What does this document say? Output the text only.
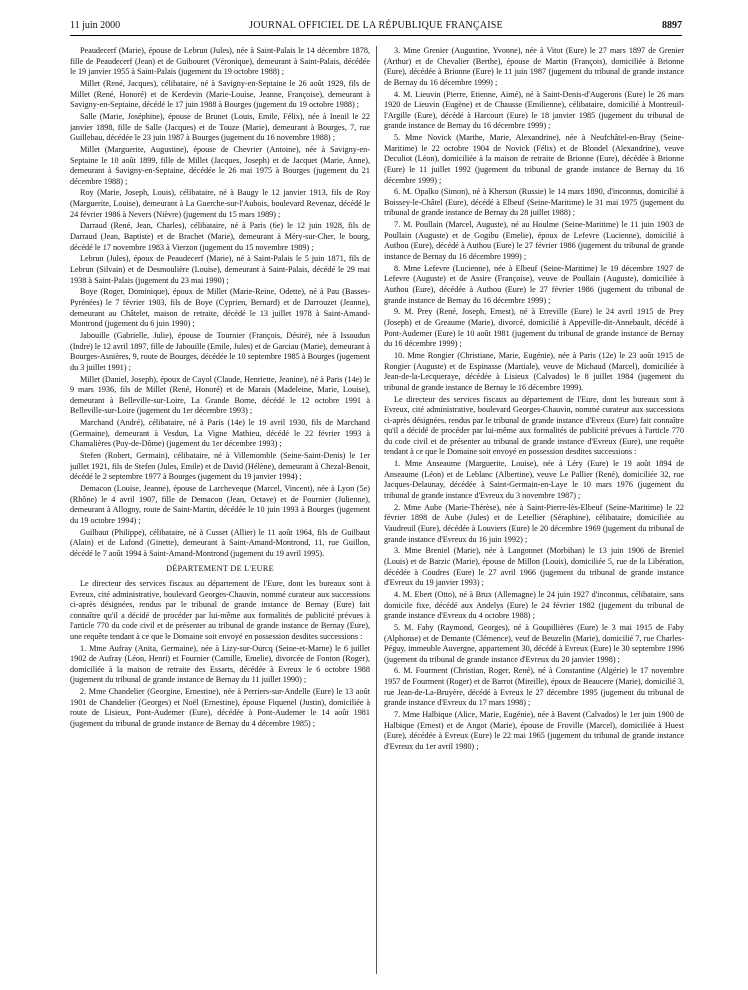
11 juin 2000	JOURNAL OFFICIEL DE LA RÉPUBLIQUE FRANÇAISE	8897

Peaudecerf (Marie), épouse de Lebrun (Jules), née à Saint-Palais le 14 décembre 1878, fille de Peaudecerf (Jean) et de Guibouret (Véronique), demeurant à Saint-Palais, décédée le 19 janvier 1955 à Saint-Palais (jugement du 19 octobre 1988) ;

Millet (René, Jacques), célibataire, né à Savigny-en-Septaine le 26 août 1929, fils de Millet (René, Honoré) et de Kerdevin (Marie-Louise, Jeanne, Françoise), demeurant à Savigny-en-Septaine, décédé le 17 juin 1988 à Bourges (jugement du 19 octobre 1988) ;

Salle (Marie, Joséphine), épouse de Brunet (Louis, Emile, Félix), née à Ineuil le 22 janvier 1898, fille de Salle (Jacques) et de Touze (Marie), demeurant à Bourges, 7, rue Guillebau, décédée le 23 juin 1987 à Bourges (jugement du 16 novembre 1988) ;

Millet (Marguerite, Augustine), épouse de Chevrier (Antoine), née à Savigny-en-Septaine le 10 août 1899, fille de Millet (Jacques, Joseph) et de Jacquet (Marie, Anne), demeurant à Savigny-en-Septaine, décédée le 26 mai 1975 à Bourges (jugement du 21 décembre 1988) ;

Roy (Marie, Joseph, Louis), célibataire, né à Baugy le 12 janvier 1913, fils de Roy (Marguerite, Louise), demeurant à La Guerche-sur-l'Aubois, boulevard Revenaz, décédé le 24 février 1986 à Nevers (Nièvre) (jugement du 15 mars 1989) ;

Darraud (René, Jean, Charles), célibataire, né à Paris (6e) le 12 juin 1928, fils de Darraud (Jean, Baptiste) et de Brachet (Marie), demeurant à Méry-sur-Cher, le bourg, décédé le 17 novembre 1983 à Vierzon (jugement du 15 novembre 1989) ;

Lebrun (Jules), époux de Peaudecerf (Marie), né à Saint-Palais le 5 juin 1871, fils de Lebrun (Silvain) et de Desmoulière (Louise), demeurant à Saint-Palais, décédé le 29 mai 1938 à Saint-Palais (jugement du 23 mai 1990) ;

Boye (Roger, Dominique), époux de Millet (Marie-Reine, Odette), né à Pau (Basses-Pyrénées) le 7 février 1903, fils de Boye (Cyprien, Bernard) et de Darrouzet (Jeanne), demeurant au Châtelet, maison de retraite, décédé le 13 juillet 1978 à Saint-Amand-Montrond (jugement du 6 juin 1990) ;

Jabouille (Gabrielle, Julie), épouse de Tournier (François, Désiré), née à Issoudun (Indre) le 12 avril 1897, fille de Jabouille (Emile, Jules) et de Garciau (Marie), demeurant à Bourges-Asnières, 9, route de Bourges, décédée le 10 septembre 1985 à Bourges (jugement du 3 juillet 1991) ;

Millet (Daniel, Joseph), époux de Cayol (Claude, Henriette, Jeanine), né à Paris (14e) le 9 mars 1936, fils de Millet (René, Honoré) et de Marais (Madeleine, Marie, Louise), demeurant à Belleville-sur-Loire, La Grande Borne, décédé le 12 octobre 1991 à Belleville-sur-Loire (jugement du 1er décembre 1993) ;

Marchand (André), célibataire, né à Paris (14e) le 19 avril 1930, fils de Marchand (Germaine), demeurant à Vesdun, La Vigne Mathieu, décédé le 22 février 1993 à Chamalières (Puy-de-Dôme) (jugement du 1er décembre 1993) ;

Stefen (Robert, Germain), célibataire, né à Villemomble (Seine-Saint-Denis) le 1er juillet 1921, fils de Stefen (Jules, Emile) et de David (Hélène), demeurant à Chezal-Benoit, décédé le 2 septembre 1977 à Bourges (jugement du 19 janvier 1994) ;

Demacon (Louise, Jeanne), épouse de Larcheveque (Marcel, Vincent), née à Lyon (5e) (Rhône) le 4 avril 1907, fille de Demacon (Jean, Octave) et de Fournier (Julienne), demeurant à Allogny, route de Saint-Martin, décédée le 10 juin 1993 à Bourges (jugement du 19 octobre 1994) ;

Guilbaut (Philippe), célibataire, né à Cusset (Allier) le 11 août 1964, fils de Guilbaut (Alain) et de Lafond (Ginette), demeurant à Saint-Amand-Montrond, 11, rue Guillon, décédé le 7 août 1994 à Saint-Amand-Montrond (jugement du 19 avril 1995).

DÉPARTEMENT DE L'EURE

Le directeur des services fiscaux au département de l'Eure, dont les bureaux sont à Evreux, cité administrative, boulevard Georges-Chauvin, nommé curateur aux successions ci-après désignées, rendus par le tribunal de grande instance de Bernay (Eure) fait connaître qu'il a décidé de procéder par lui-même aux formalités de publicité prévues à l'article 770 du code civil et de présenter au tribunal de grande instance de Bernay (Eure), une requête tendant à ce que le Domaine soit envoyé en possession desdites successions :

1. Mme Aufray (Anita, Germaine), née à Lizy-sur-Ourcq (Seine-et-Marne) le 6 juillet 1902 de Aufray (Léon, Henri) et Fournier (Camille, Emelie), divorcée de Fonton (Roger), domiciliée à la maison de retraite des Essarts, décédée à Evreux le 6 octobre 1988 (jugement du tribunal de grande instance de Bernay du 11 juillet 1990) ;

2. Mme Chandelier (Georgine, Ernestine), née à Perriers-sur-Andelle (Eure) le 13 août 1901 de Chandelier (Georges) et Noël (Ernestine), épouse Fiquenel (Justin), domiciliée à route de Lisieux, Pont-Audemer (Eure), décédée à Pont-Audemer le 14 août 1981 (jugement du tribunal de grande instance de Bernay du 4 décembre 1985) ;

3. Mme Grenier (Augustine, Yvonne), née à Vitot (Eure) le 27 mars 1897 de Grenier (Arthur) et de Chevalier (Berthe), épouse de Martin (François), domiciliée à Brionne (Eure), décédée à Brionne (Eure) le 11 juin 1987 (jugement du tribunal de grande instance de Bernay du 16 décembre 1999) ;

4. M. Lieuvin (Pierre, Etienne, Aimé), né à Saint-Denis-d'Augerons (Eure) le 26 mars 1920 de Lieuvin (Eugène) et de Chausse (Emilienne), célibataire, domicilié à Montreuil-l'Argille (Eure), décédé à Harcourt (Eure) le 18 janvier 1985 (jugement du tribunal de grande instance de Bernay du 16 décembre 1999) ;

5. Mme Novick (Marthe, Marie, Alexandrine), née à Neufchâtel-en-Bray (Seine-Maritime) le 22 octobre 1904 de Novick (Félix) et de Blondel (Alexandrine), veuve Deculiot (Léon), domiciliée à la maison de retraite de Brionne (Eure), décédée à Brionne (Eure) le 11 juillet 1992 (jugement du tribunal de grande instance de Bernay du 16 décembre 1999) ;

6. M. Opalko (Simon), né à Kherson (Russie) le 14 mars 1890, d'inconnus, domicilié à Boissey-le-Châtel (Eure), décédé à Elbeuf (Seine-Maritime) le 31 mai 1975 (jugement du tribunal de grande instance de Bernay du 28 juillet 1988) ;

7. M. Poullain (Marcel, Auguste), né au Houlme (Seine-Maritime) le 11 juin 1903 de Poullain (Auguste) et de Gogibu (Emelie), époux de Lefevre (Lucienne), domicilié à Authou (Eure), décédé à Authou (Eure) le 27 février 1986 (jugement du tribunal de grande instance de Bernay du 16 décembre 1999) ;

8. Mme Lefevre (Lucienne), née à Elbeuf (Seine-Maritime) le 19 décembre 1927 de Lefevre (Auguste) et de Assire (Françoise), veuve de Poullain (Auguste), domiciliée à Authou (Eure), décédée à Authou (Eure) le 27 février 1986 (jugement du tribunal de grande instance de Bernay du 16 décembre 1999) ;

9. M. Prey (René, Joseph, Ernest), né à Etreville (Eure) le 24 avril 1915 de Prey (Joseph) et de Greaume (Marie), divorcé, domicilié à Appeville-dit-Annebault, décédé à Pont-Audemer (Eure) le 10 août 1981 (jugement du tribunal de grande instance de Bernay du 16 décembre 1999) ;

10. Mme Rongier (Christiane, Marie, Eugénie), née à Paris (12e) le 23 août 1915 de Rongier (Auguste) et de Espinasse (Martiale), veuve de Michaud (Marcel), domiciliée à Jean-de-la-Lecqueraye, décédée à Lisieux (Calvados) le 8 juillet 1984 (jugement du tribunal de grande instance de Bernay le 16 décembre 1999).

Le directeur des services fiscaux au département de l'Eure, dont les bureaux sont à Evreux, cité administrative, boulevard Georges-Chauvin, nommé curateur aux successions ci-après désignées, rendus par le tribunal de grande instance d'Evreux (Eure) fait connaître qu'il a décidé de procéder par lui-même aux formalités de publicité prévues à l'article 770 du code civil et de présenter au tribunal de grande instance d'Evreux (Eure), une requête tendant à ce que le Domaine soit envoyé en possession desdites successions :

1. Mme Anseaume (Marguerite, Louise), née à Léry (Eure) le 19 août 1894 de Anseaume (Léon) et de Leblanc (Albertine), veuve Le Pallier (René), domiciliée 32, rue Jacques-Delaunay, décédée à Saint-Germain-en-Laye le 10 mars 1976 (jugement du tribunal de grande instance d'Evreux du 3 novembre 1987) ;

2. Mme Aube (Marie-Thérèse), née à Saint-Pierre-lès-Elbeuf (Seine-Maritime) le 22 février 1898 de Aube (Jules) et de Letellier (Séraphine), célibataire, domiciliée au Vaudreuil (Eure), décédée à Louviers (Eure) le 20 décembre 1969 (jugement du tribunal de grande instance d'Evreux du 16 juin 1992) ;

3. Mme Breniel (Marie), née à Langonnet (Morbihan) le 13 juin 1906 de Breniel (Louis) et de Barzic (Marie), épouse de Millon (Louis), domiciliée 5, rue de la Libération, décédée à Coudres (Eure) le 27 avril 1966 (jugement du tribunal de grande instance d'Evreux du 19 janvier 1993) ;

4. M. Ebert (Otto), né à Brux (Allemagne) le 24 juin 1927 d'inconnus, célibataire, sans domicile fixe, décédé aux Andelys (Eure) le 24 février 1982 (jugement du tribunal de grande instance d'Evreux du 4 octobre 1988) ;

5. M. Faby (Raymond, Georges), né à Goupillières (Eure) le 3 mai 1915 de Faby (Alphonse) et de Demante (Clémence), veuf de Beuzelin (Marie), domicilié 7, rue Charles-Péguy, immeuble Auvergne, appartement 30, décédé à Evreux (Eure) le 30 septembre 1996 (jugement du tribunal de grande instance d'Evreux du 20 janvier 1998) ;

6. M. Fourment (Christian, Roger, René), né à Constantine (Algérie) le 17 novembre 1957 de Fourment (Roger) et de Barrot (Mireille), époux de Beaucere (Marie), domicilié 3, rue Jean-de-La-Bruyère, décédé à Evreux le 27 décembre 1995 (jugement du tribunal de grande instance d'Evreux du 17 mars 1998) ;

7. Mme Halbique (Alice, Marie, Eugénie), née à Bavent (Calvados) le 1er juin 1900 de Halbique (Ernest) et de Angot (Marie), épouse de Froville (Marcel), domiciliée à Huest (Eure), décédée à Evreux (Eure) le 22 mai 1965 (jugement du tribunal de grande instance d'Evreux du 1er avril 1980) ;
